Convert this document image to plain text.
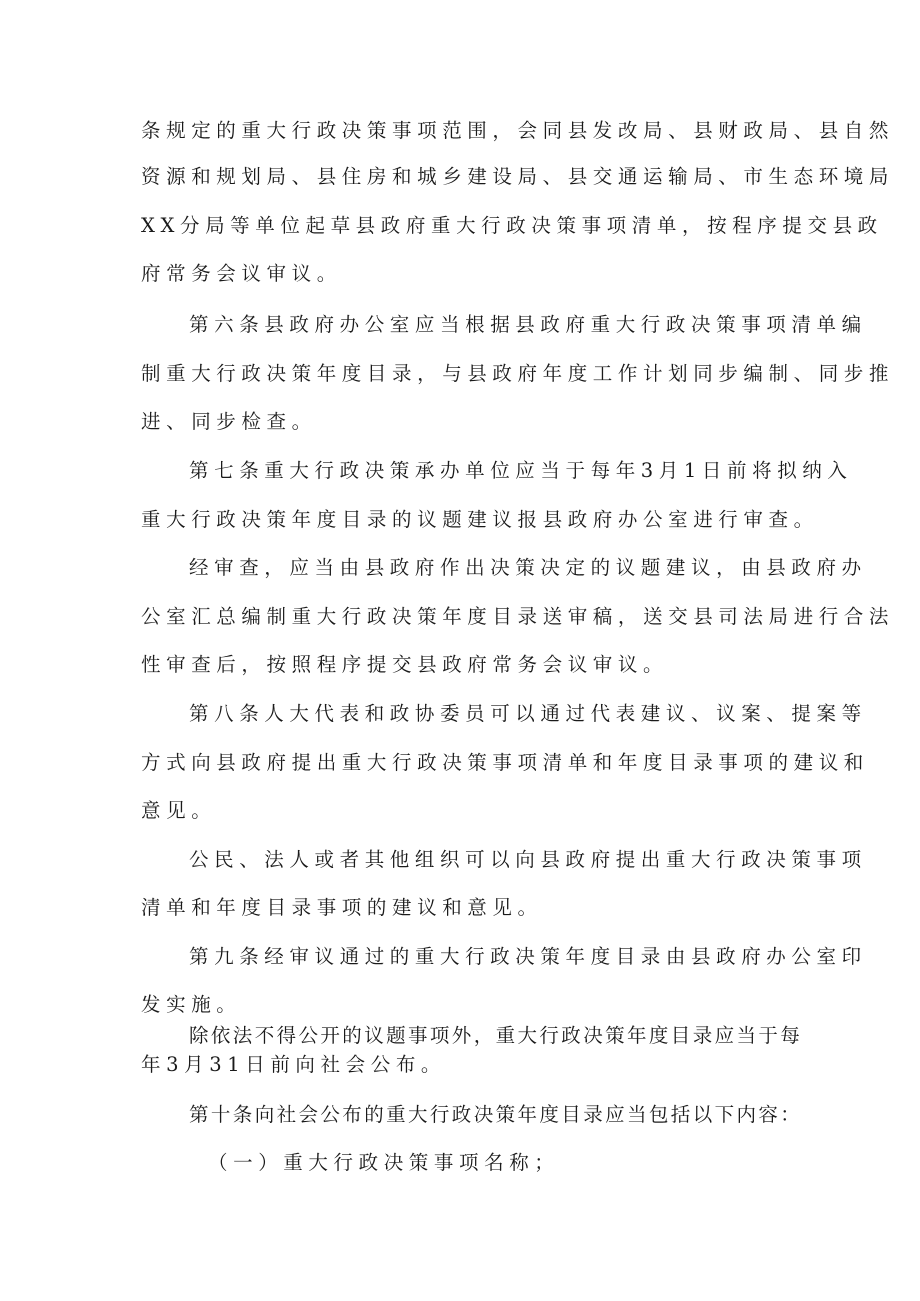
条规定的重大行政决策事项范围，会同县发改局、县财政局、县自然
资源和规划局、县住房和城乡建设局、县交通运输局、市生态环境局
XX分局等单位起草县政府重大行政决策事项清单，按程序提交县政
府常务会议审议。
第六条县政府办公室应当根据县政府重大行政决策事项清单编
制重大行政决策年度目录，与县政府年度工作计划同步编制、同步推
进、同步检查。
第七条重大行政决策承办单位应当于每年3月1日前将拟纳入
重大行政决策年度目录的议题建议报县政府办公室进行审查。
经审查，应当由县政府作出决策决定的议题建议，由县政府办
公室汇总编制重大行政决策年度目录送审稿，送交县司法局进行合法
性审查后，按照程序提交县政府常务会议审议。
第八条人大代表和政协委员可以通过代表建议、议案、提案等
方式向县政府提出重大行政决策事项清单和年度目录事项的建议和
意见。
公民、法人或者其他组织可以向县政府提出重大行政决策事项
清单和年度目录事项的建议和意见。
第九条经审议通过的重大行政决策年度目录由县政府办公室印
发实施。
除依法不得公开的议题事项外，重大行政决策年度目录应当于每
年3月31日前向社会公布。
第十条向社会公布的重大行政决策年度目录应当包括以下内容：
（一）重大行政决策事项名称；
